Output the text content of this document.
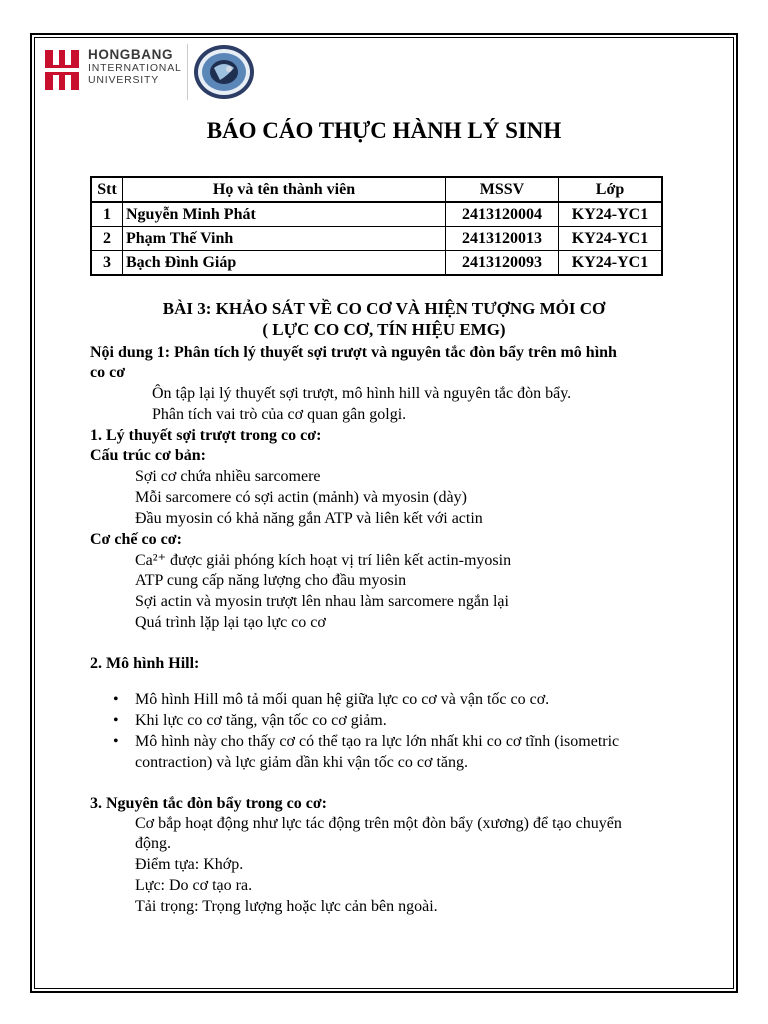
HONGBANG
INTERNATIONAL
UNIVERSITY
BÁO CÁO THỰC HÀNH LÝ SINH
Stt	Họ và tên thành viên	MSSV	Lớp
1	Nguyễn Minh Phát	2413120004	KY24-YC1
2	Phạm Thế Vinh	2413120013	KY24-YC1
3	Bạch Đình Giáp	2413120093	KY24-YC1
BÀI 3: KHẢO SÁT VỀ CO CƠ VÀ HIỆN TƯỢNG MỎI CƠ
( LỰC CO CƠ, TÍN HIỆU EMG)
Nội dung 1: Phân tích lý thuyết sợi trượt và nguyên tắc đòn bẩy trên mô hình
co cơ
Ôn tập lại lý thuyết sợi trượt, mô hình hill và nguyên tắc đòn bẩy.
Phân tích vai trò của cơ quan gân golgi.
1. Lý thuyết sợi trượt trong co cơ:
Cấu trúc cơ bản:
Sợi cơ chứa nhiều sarcomere
Mỗi sarcomere có sợi actin (mảnh) và myosin (dày)
Đầu myosin có khả năng gắn ATP và liên kết với actin
Cơ chế co cơ:
Ca²⁺ được giải phóng kích hoạt vị trí liên kết actin-myosin
ATP cung cấp năng lượng cho đầu myosin
Sợi actin và myosin trượt lên nhau làm sarcomere ngắn lại
Quá trình lặp lại tạo lực co cơ
2. Mô hình Hill:
• Mô hình Hill mô tả mối quan hệ giữa lực co cơ và vận tốc co cơ.
• Khi lực co cơ tăng, vận tốc co cơ giảm.
• Mô hình này cho thấy cơ có thể tạo ra lực lớn nhất khi co cơ tĩnh (isometric contraction) và lực giảm dần khi vận tốc co cơ tăng.
3. Nguyên tắc đòn bẩy trong co cơ:
Cơ bắp hoạt động như lực tác động trên một đòn bẩy (xương) để tạo chuyển
động.
Điểm tựa: Khớp.
Lực: Do cơ tạo ra.
Tải trọng: Trọng lượng hoặc lực cản bên ngoài.
